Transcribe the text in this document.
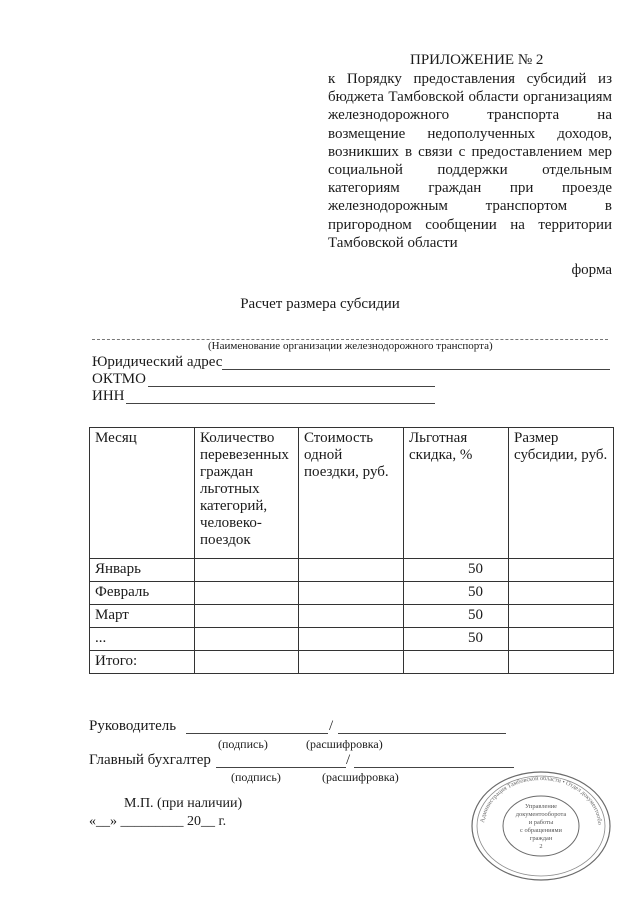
ПРИЛОЖЕНИЕ № 2
к Порядку предоставления субсидий из бюджета Тамбовской области организациям железнодорожного транспорта на возмещение недополученных доходов, возникших в связи с предоставлением мер социальной поддержки отдельным категориям граждан при проезде железнодорожным транспортом в пригородном сообщении на территории Тамбовской области
форма
Расчет размера субсидии
(Наименование организации железнодорожного транспорта)
Юридический адрес
ОКТМО
ИНН
Месяц	Количество перевезенных граждан льготных категорий, человеко-поездок	Стоимость одной поездки, руб.	Льготная скидка, %	Размер субсидии, руб.
Январь			50	
Февраль			50	
Март			50	
...			50	
Итого:				
Руководитель	/
(подпись)	(расшифровка)
Главный бухгалтер	/
(подпись)	(расшифровка)
М.П. (при наличии)
«__» _________ 20__ г.	Администрация Тамбовской области • Отдел документообо
Управление
документооборота
и работы
с обращениями
граждан
2
